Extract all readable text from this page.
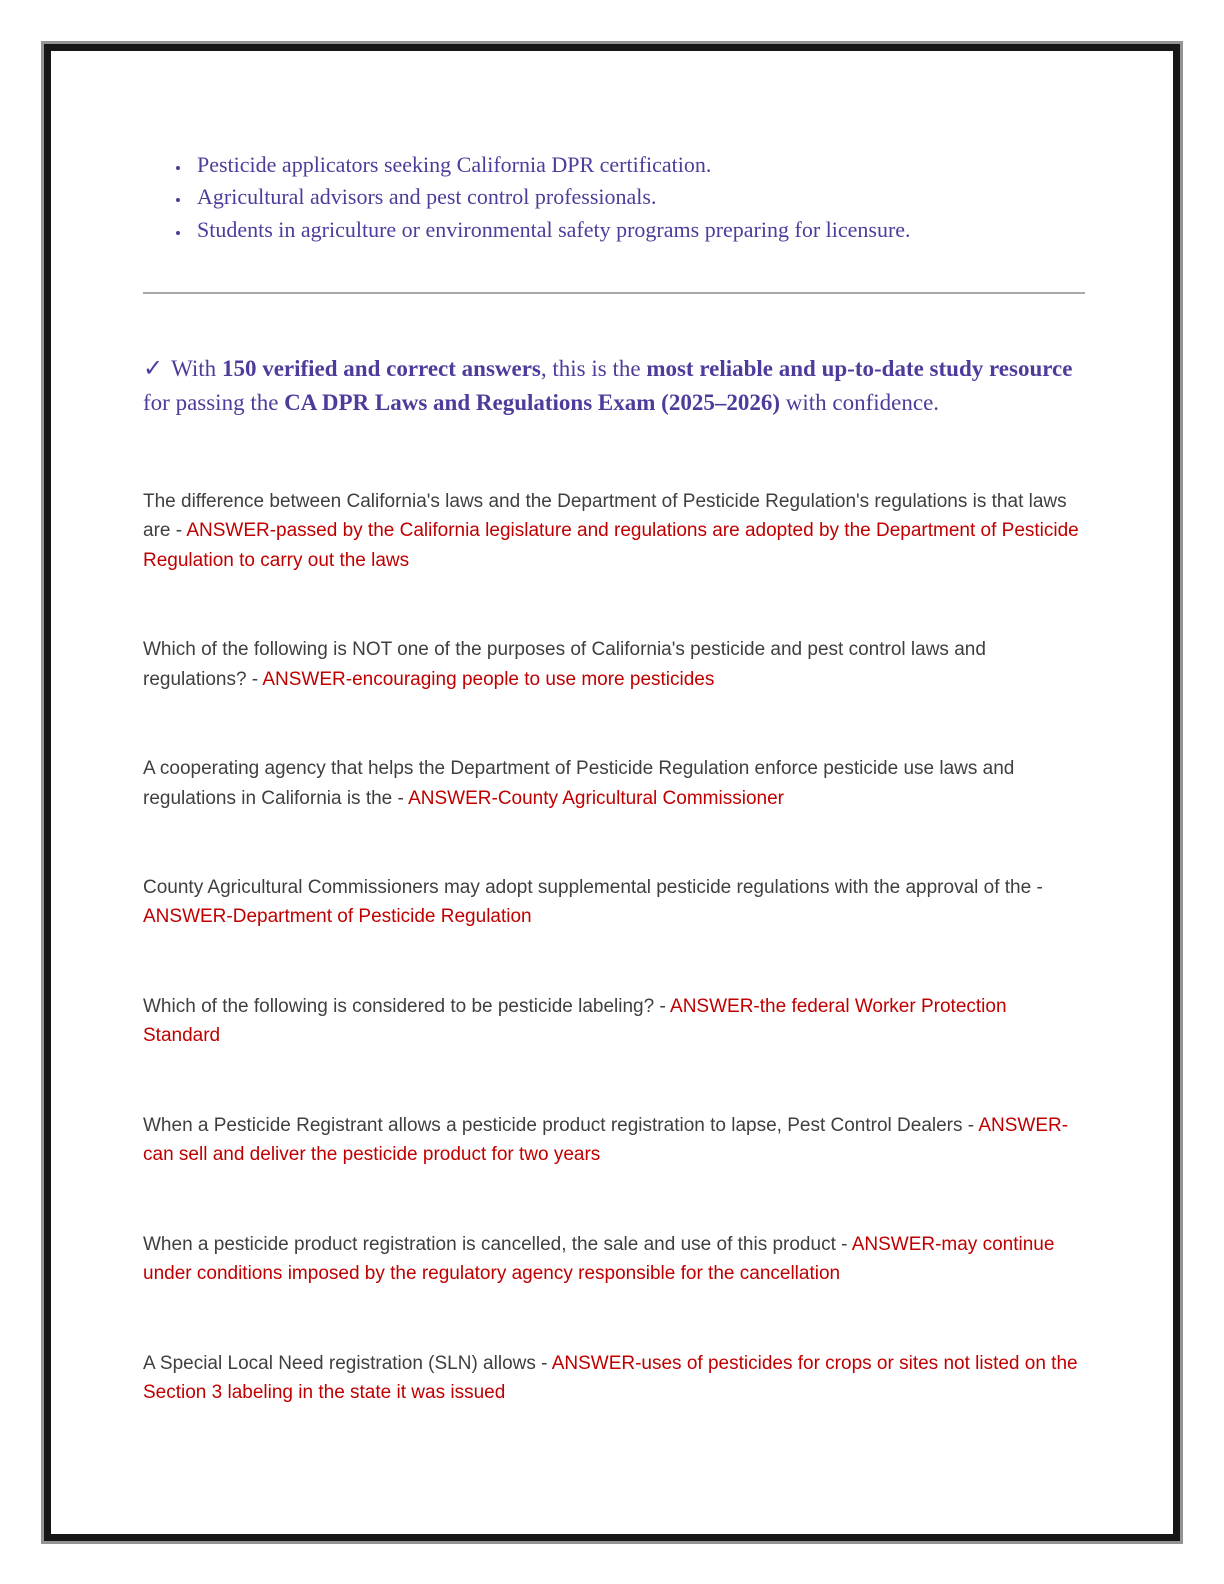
• Pesticide applicators seeking California DPR certification.
• Agricultural advisors and pest control professionals.
• Students in agriculture or environmental safety programs preparing for licensure.

✓ With 150 verified and correct answers, this is the most reliable and up-to-date study resource for passing the CA DPR Laws and Regulations Exam (2025–2026) with confidence.

The difference between California's laws and the Department of Pesticide Regulation's regulations is that laws are - ANSWER-passed by the California legislature and regulations are adopted by the Department of Pesticide Regulation to carry out the laws

Which of the following is NOT one of the purposes of California's pesticide and pest control laws and regulations? - ANSWER-encouraging people to use more pesticides

A cooperating agency that helps the Department of Pesticide Regulation enforce pesticide use laws and regulations in California is the - ANSWER-County Agricultural Commissioner

County Agricultural Commissioners may adopt supplemental pesticide regulations with the approval of the - ANSWER-Department of Pesticide Regulation

Which of the following is considered to be pesticide labeling? - ANSWER-the federal Worker Protection Standard

When a Pesticide Registrant allows a pesticide product registration to lapse, Pest Control Dealers - ANSWER-can sell and deliver the pesticide product for two years

When a pesticide product registration is cancelled, the sale and use of this product - ANSWER-may continue under conditions imposed by the regulatory agency responsible for the cancellation

A Special Local Need registration (SLN) allows - ANSWER-uses of pesticides for crops or sites not listed on the Section 3 labeling in the state it was issued
